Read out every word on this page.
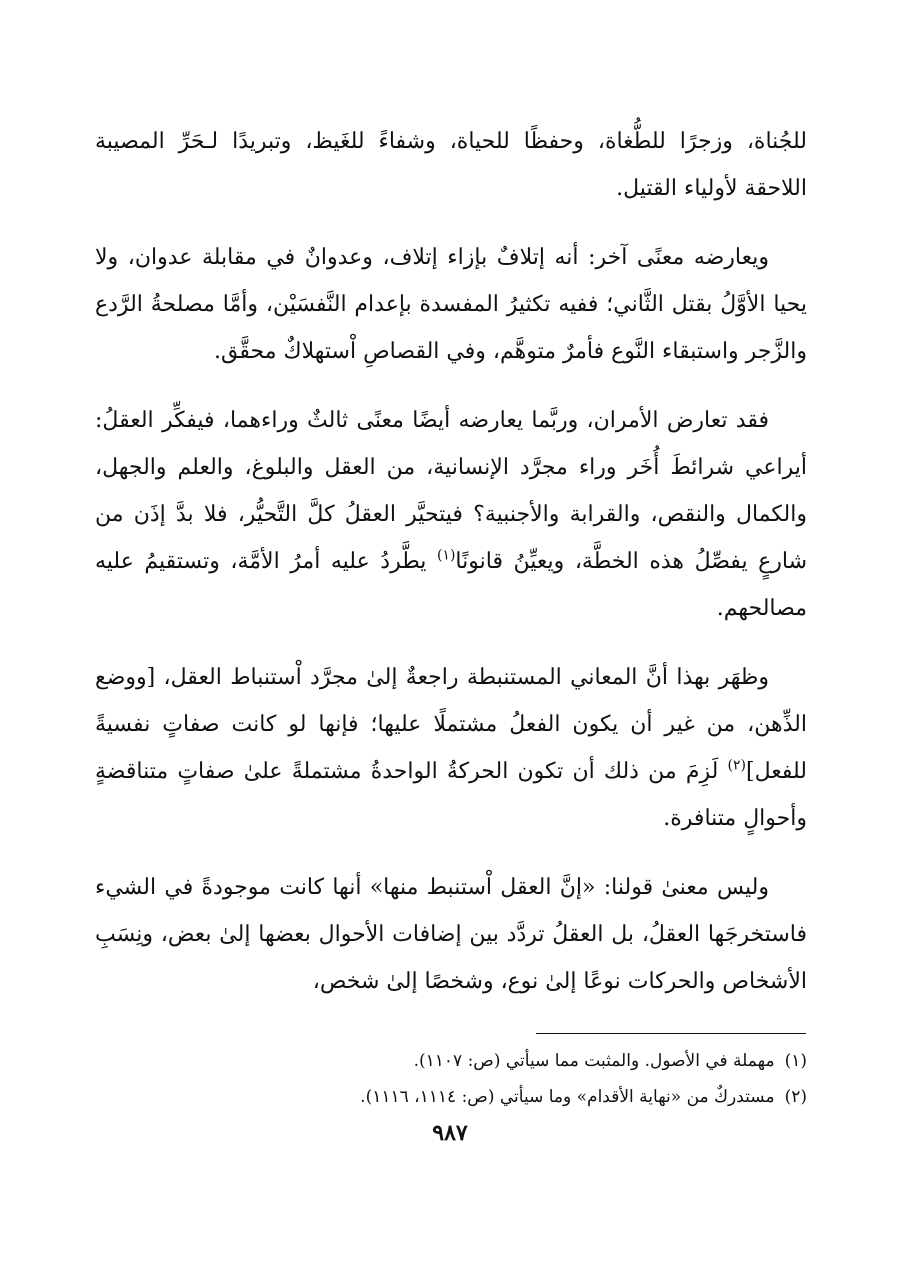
للجُناة، وزجرًا للطُّغاة، وحفظًا للحياة، وشفاءً للغَيظ، وتبريدًا لـحَرِّ المصيبة اللاحقة لأولياء القتيل.

ويعارضه معنًى آخر: أنه إتلافٌ بإزاء إتلاف، وعدوانٌ في مقابلة عدوان، ولا يحيا الأوَّلُ بقتل الثَّاني؛ ففيه تكثيرُ المفسدة بإعدام النَّفسَيْن، وأمَّا مصلحةُ الرَّدع والزَّجر واستبقاء النَّوع فأمرٌ متوهَّم، وفي القصاصِ اْستهلاكٌ محقَّق.

فقد تعارض الأمران، وربَّما يعارضه أيضًا معنًى ثالثٌ وراءهما، فيفكِّر العقلُ: أيراعي شرائطَ أُخَر وراء مجرَّد الإنسانية، من العقل والبلوغ، والعلم والجهل، والكمال والنقص، والقرابة والأجنبية؟ فيتحيَّر العقلُ كلَّ التَّحيُّر، فلا بدَّ إذَن من شارعٍ يفصِّلُ هذه الخطَّة، ويعيِّنُ قانونًا$^{(١)}$ يطَّردُ عليه أمرُ الأمَّة، وتستقيمُ عليه مصالحهم.

وظهَر بهذا أنَّ المعاني المستنبطة راجعةٌ إلىٰ مجرَّد اْستنباط العقل، [ووضع الذِّهن، من غير أن يكون الفعلُ مشتملًا عليها؛ فإنها لو كانت صفاتٍ نفسيةً للفعل]$^{(٢)}$ لَزِمَ من ذلك أن تكون الحركةُ الواحدةُ مشتملةً علىٰ صفاتٍ متناقضةٍ وأحوالٍ متنافرة.

وليس معنىٰ قولنا: «إنَّ العقل اْستنبط منها» أنها كانت موجودةً في الشيء فاستخرجَها العقلُ، بل العقلُ تردَّد بين إضافات الأحوال بعضها إلىٰ بعض، ونِسَبِ الأشخاص والحركات نوعًا إلىٰ نوع، وشخصًا إلىٰ شخص،

(١)مهملة في الأصول. والمثبت مما سيأتي (ص: ١١٠٧).

(٢)مستدركٌ من «نهاية الأقدام» وما سيأتي (ص: ١١١٤، ١١١٦).

٩٨٧
